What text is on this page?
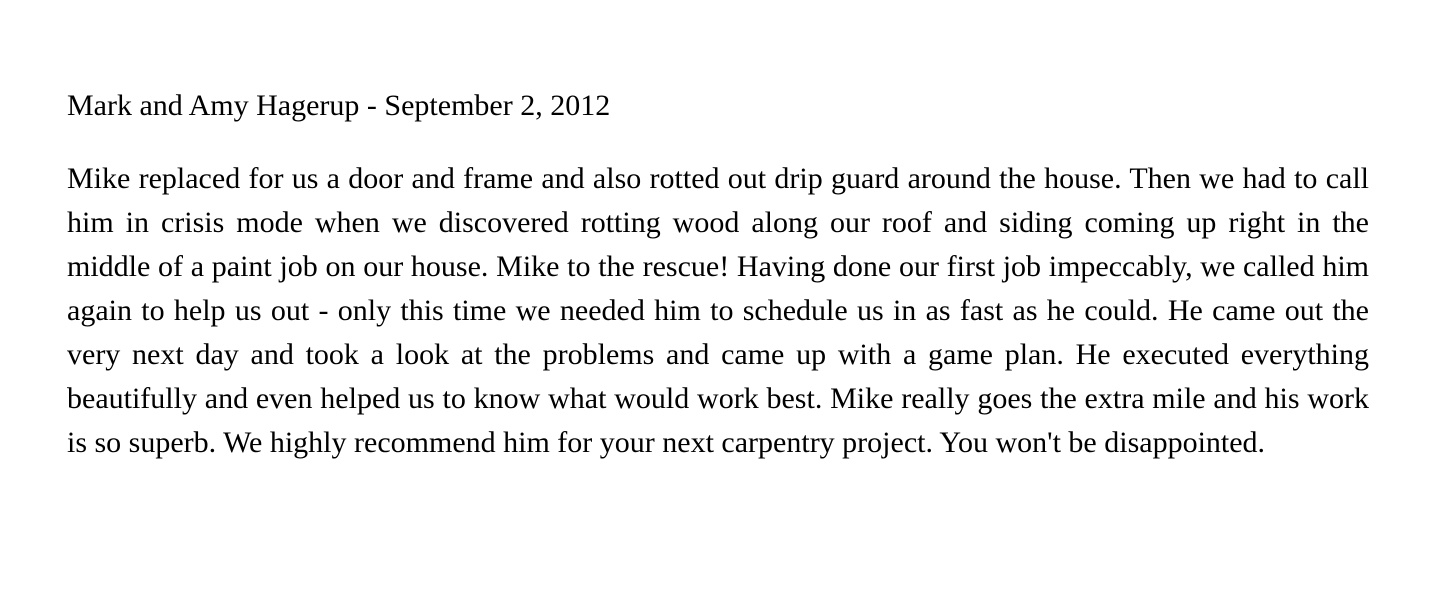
Mark and Amy Hagerup - September 2, 2012

Mike replaced for us a door and frame and also rotted out drip guard around the house. Then we had to call him in crisis mode when we discovered rotting wood along our roof and siding coming up right in the middle of a paint job on our house. Mike to the rescue! Having done our first job impeccably, we called him again to help us out - only this time we needed him to schedule us in as fast as he could. He came out the very next day and took a look at the problems and came up with a game plan. He executed everything beautifully and even helped us to know what would work best. Mike really goes the extra mile and his work is so superb. We highly recommend him for your next carpentry project. You won't be disappointed.
